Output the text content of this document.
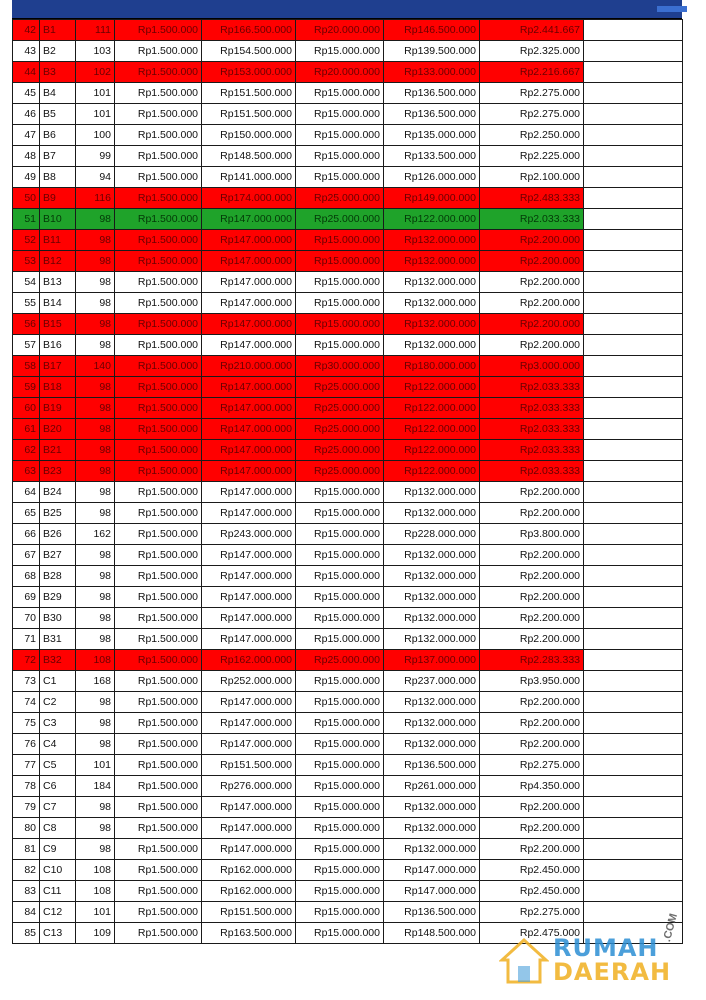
42	B1	111	Rp1.500.000	Rp166.500.000	Rp20.000.000	Rp146.500.000	Rp2.441.667	
43	B2	103	Rp1.500.000	Rp154.500.000	Rp15.000.000	Rp139.500.000	Rp2.325.000	
44	B3	102	Rp1.500.000	Rp153.000.000	Rp20.000.000	Rp133.000.000	Rp2.216.667	
45	B4	101	Rp1.500.000	Rp151.500.000	Rp15.000.000	Rp136.500.000	Rp2.275.000	
46	B5	101	Rp1.500.000	Rp151.500.000	Rp15.000.000	Rp136.500.000	Rp2.275.000	
47	B6	100	Rp1.500.000	Rp150.000.000	Rp15.000.000	Rp135.000.000	Rp2.250.000	
48	B7	99	Rp1.500.000	Rp148.500.000	Rp15.000.000	Rp133.500.000	Rp2.225.000	
49	B8	94	Rp1.500.000	Rp141.000.000	Rp15.000.000	Rp126.000.000	Rp2.100.000	
50	B9	116	Rp1.500.000	Rp174.000.000	Rp25.000.000	Rp149.000.000	Rp2.483.333	
51	B10	98	Rp1.500.000	Rp147.000.000	Rp25.000.000	Rp122.000.000	Rp2.033.333	
52	B11	98	Rp1.500.000	Rp147.000.000	Rp15.000.000	Rp132.000.000	Rp2.200.000	
53	B12	98	Rp1.500.000	Rp147.000.000	Rp15.000.000	Rp132.000.000	Rp2.200.000	
54	B13	98	Rp1.500.000	Rp147.000.000	Rp15.000.000	Rp132.000.000	Rp2.200.000	
55	B14	98	Rp1.500.000	Rp147.000.000	Rp15.000.000	Rp132.000.000	Rp2.200.000	
56	B15	98	Rp1.500.000	Rp147.000.000	Rp15.000.000	Rp132.000.000	Rp2.200.000	
57	B16	98	Rp1.500.000	Rp147.000.000	Rp15.000.000	Rp132.000.000	Rp2.200.000	
58	B17	140	Rp1.500.000	Rp210.000.000	Rp30.000.000	Rp180.000.000	Rp3.000.000	
59	B18	98	Rp1.500.000	Rp147.000.000	Rp25.000.000	Rp122.000.000	Rp2.033.333	
60	B19	98	Rp1.500.000	Rp147.000.000	Rp25.000.000	Rp122.000.000	Rp2.033.333	
61	B20	98	Rp1.500.000	Rp147.000.000	Rp25.000.000	Rp122.000.000	Rp2.033.333	
62	B21	98	Rp1.500.000	Rp147.000.000	Rp25.000.000	Rp122.000.000	Rp2.033.333	
63	B23	98	Rp1.500.000	Rp147.000.000	Rp25.000.000	Rp122.000.000	Rp2.033.333	
64	B24	98	Rp1.500.000	Rp147.000.000	Rp15.000.000	Rp132.000.000	Rp2.200.000	
65	B25	98	Rp1.500.000	Rp147.000.000	Rp15.000.000	Rp132.000.000	Rp2.200.000	
66	B26	162	Rp1.500.000	Rp243.000.000	Rp15.000.000	Rp228.000.000	Rp3.800.000	
67	B27	98	Rp1.500.000	Rp147.000.000	Rp15.000.000	Rp132.000.000	Rp2.200.000	
68	B28	98	Rp1.500.000	Rp147.000.000	Rp15.000.000	Rp132.000.000	Rp2.200.000	
69	B29	98	Rp1.500.000	Rp147.000.000	Rp15.000.000	Rp132.000.000	Rp2.200.000	
70	B30	98	Rp1.500.000	Rp147.000.000	Rp15.000.000	Rp132.000.000	Rp2.200.000	
71	B31	98	Rp1.500.000	Rp147.000.000	Rp15.000.000	Rp132.000.000	Rp2.200.000	
72	B32	108	Rp1.500.000	Rp162.000.000	Rp25.000.000	Rp137.000.000	Rp2.283.333	
73	C1	168	Rp1.500.000	Rp252.000.000	Rp15.000.000	Rp237.000.000	Rp3.950.000	
74	C2	98	Rp1.500.000	Rp147.000.000	Rp15.000.000	Rp132.000.000	Rp2.200.000	
75	C3	98	Rp1.500.000	Rp147.000.000	Rp15.000.000	Rp132.000.000	Rp2.200.000	
76	C4	98	Rp1.500.000	Rp147.000.000	Rp15.000.000	Rp132.000.000	Rp2.200.000	
77	C5	101	Rp1.500.000	Rp151.500.000	Rp15.000.000	Rp136.500.000	Rp2.275.000	
78	C6	184	Rp1.500.000	Rp276.000.000	Rp15.000.000	Rp261.000.000	Rp4.350.000	
79	C7	98	Rp1.500.000	Rp147.000.000	Rp15.000.000	Rp132.000.000	Rp2.200.000	
80	C8	98	Rp1.500.000	Rp147.000.000	Rp15.000.000	Rp132.000.000	Rp2.200.000	
81	C9	98	Rp1.500.000	Rp147.000.000	Rp15.000.000	Rp132.000.000	Rp2.200.000	
82	C10	108	Rp1.500.000	Rp162.000.000	Rp15.000.000	Rp147.000.000	Rp2.450.000	
83	C11	108	Rp1.500.000	Rp162.000.000	Rp15.000.000	Rp147.000.000	Rp2.450.000	
84	C12	101	Rp1.500.000	Rp151.500.000	Rp15.000.000	Rp136.500.000	Rp2.275.000	
85	C13	109	Rp1.500.000	Rp163.500.000	Rp15.000.000	Rp148.500.000	Rp2.475.000	
RUMAH
DAERAH
.COM
